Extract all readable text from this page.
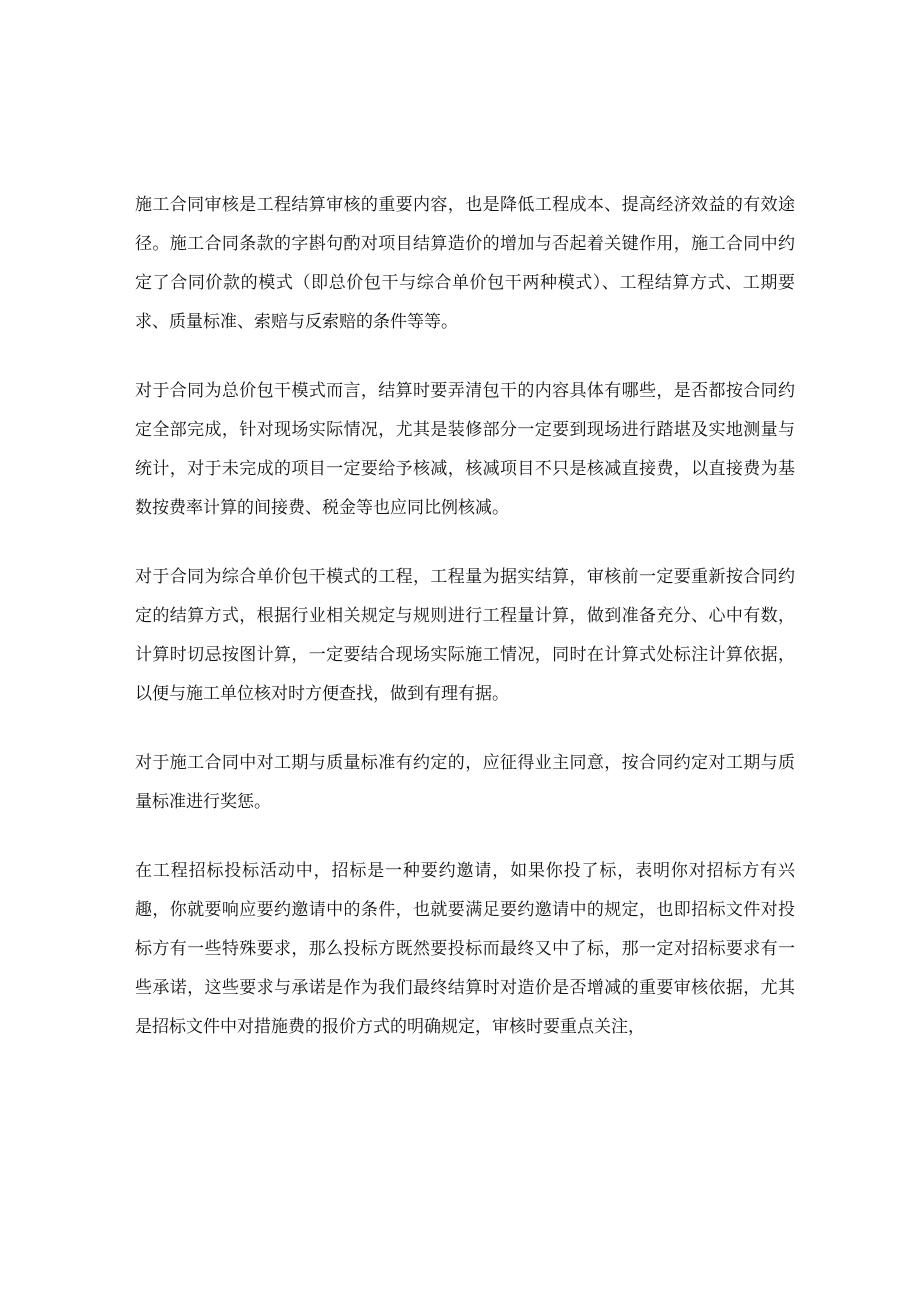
施工合同审核是工程结算审核的重要内容，也是降低工程成本、提高经济效益的有效途径。施工合同条款的字斟句酌对项目结算造价的增加与否起着关键作用，施工合同中约定了合同价款的模式（即总价包干与综合单价包干两种模式）、工程结算方式、工期要求、质量标准、索赔与反索赔的条件等等。

对于合同为总价包干模式而言，结算时要弄清包干的内容具体有哪些，是否都按合同约定全部完成，针对现场实际情况，尤其是装修部分一定要到现场进行踏堪及实地测量与统计，对于未完成的项目一定要给予核减，核减项目不只是核减直接费，以直接费为基数按费率计算的间接费、税金等也应同比例核减。

对于合同为综合单价包干模式的工程，工程量为据实结算，审核前一定要重新按合同约定的结算方式，根据行业相关规定与规则进行工程量计算，做到准备充分、心中有数，计算时切忌按图计算，一定要结合现场实际施工情况，同时在计算式处标注计算依据，以便与施工单位核对时方便查找，做到有理有据。

对于施工合同中对工期与质量标准有约定的，应征得业主同意，按合同约定对工期与质量标准进行奖惩。

在工程招标投标活动中，招标是一种要约邀请，如果你投了标，表明你对招标方有兴趣，你就要响应要约邀请中的条件，也就要满足要约邀请中的规定，也即招标文件对投标方有一些特殊要求，那么投标方既然要投标而最终又中了标，那一定对招标要求有一些承诺，这些要求与承诺是作为我们最终结算时对造价是否增减的重要审核依据，尤其是招标文件中对措施费的报价方式的明确规定，审核时要重点关注，
